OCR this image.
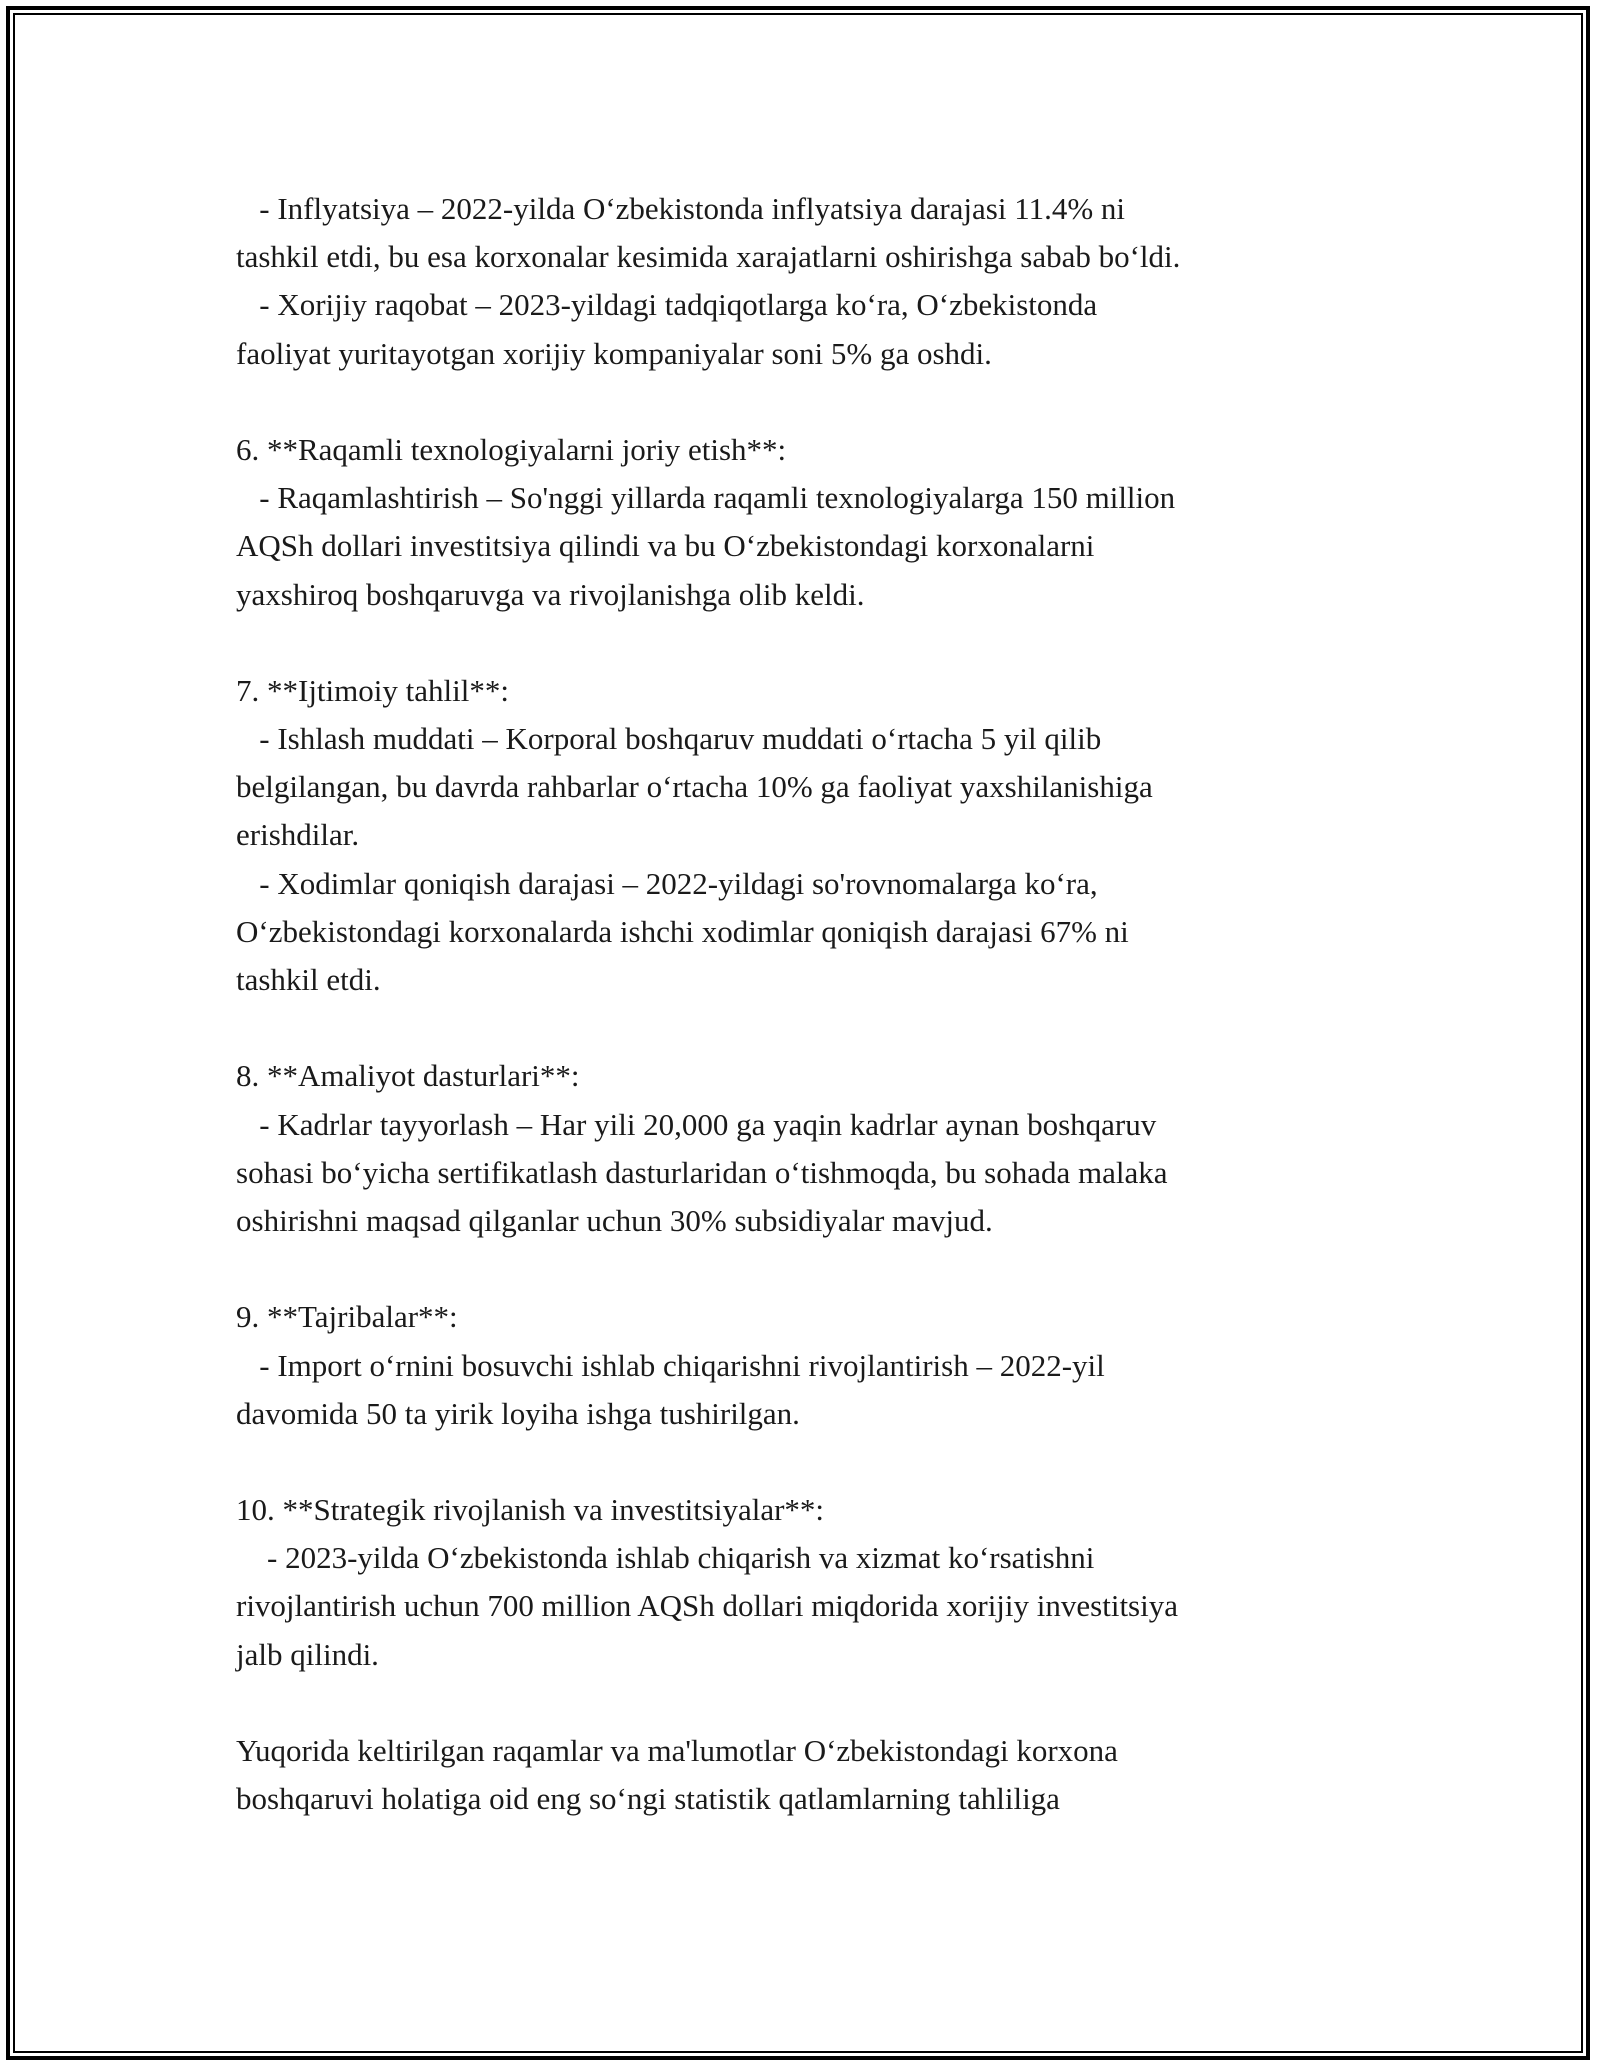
- Inflyatsiya – 2022-yilda O‘zbekistonda inflyatsiya darajasi 11.4% ni
tashkil etdi, bu esa korxonalar kesimida xarajatlarni oshirishga sabab bo‘ldi.
- Xorijiy raqobat – 2023-yildagi tadqiqotlarga ko‘ra, O‘zbekistonda
faoliyat yuritayotgan xorijiy kompaniyalar soni 5% ga oshdi.
6. **Raqamli texnologiyalarni joriy etish**:
- Raqamlashtirish – So'nggi yillarda raqamli texnologiyalarga 150 million
AQSh dollari investitsiya qilindi va bu O‘zbekistondagi korxonalarni
yaxshiroq boshqaruvga va rivojlanishga olib keldi.
7. **Ijtimoiy tahlil**:
- Ishlash muddati – Korporal boshqaruv muddati o‘rtacha 5 yil qilib
belgilangan, bu davrda rahbarlar o‘rtacha 10% ga faoliyat yaxshilanishiga
erishdilar.
- Xodimlar qoniqish darajasi – 2022-yildagi so'rovnomalarga ko‘ra,
O‘zbekistondagi korxonalarda ishchi xodimlar qoniqish darajasi 67% ni
tashkil etdi.
8. **Amaliyot dasturlari**:
- Kadrlar tayyorlash – Har yili 20,000 ga yaqin kadrlar aynan boshqaruv
sohasi bo‘yicha sertifikatlash dasturlaridan o‘tishmoqda, bu sohada malaka
oshirishni maqsad qilganlar uchun 30% subsidiyalar mavjud.
9. **Tajribalar**:
- Import o‘rnini bosuvchi ishlab chiqarishni rivojlantirish – 2022-yil
davomida 50 ta yirik loyiha ishga tushirilgan.
10. **Strategik rivojlanish va investitsiyalar**:
- 2023-yilda O‘zbekistonda ishlab chiqarish va xizmat ko‘rsatishni
rivojlantirish uchun 700 million AQSh dollari miqdorida xorijiy investitsiya
jalb qilindi.
Yuqorida keltirilgan raqamlar va ma'lumotlar O‘zbekistondagi korxona
boshqaruvi holatiga oid eng so‘ngi statistik qatlamlarning tahliliga
